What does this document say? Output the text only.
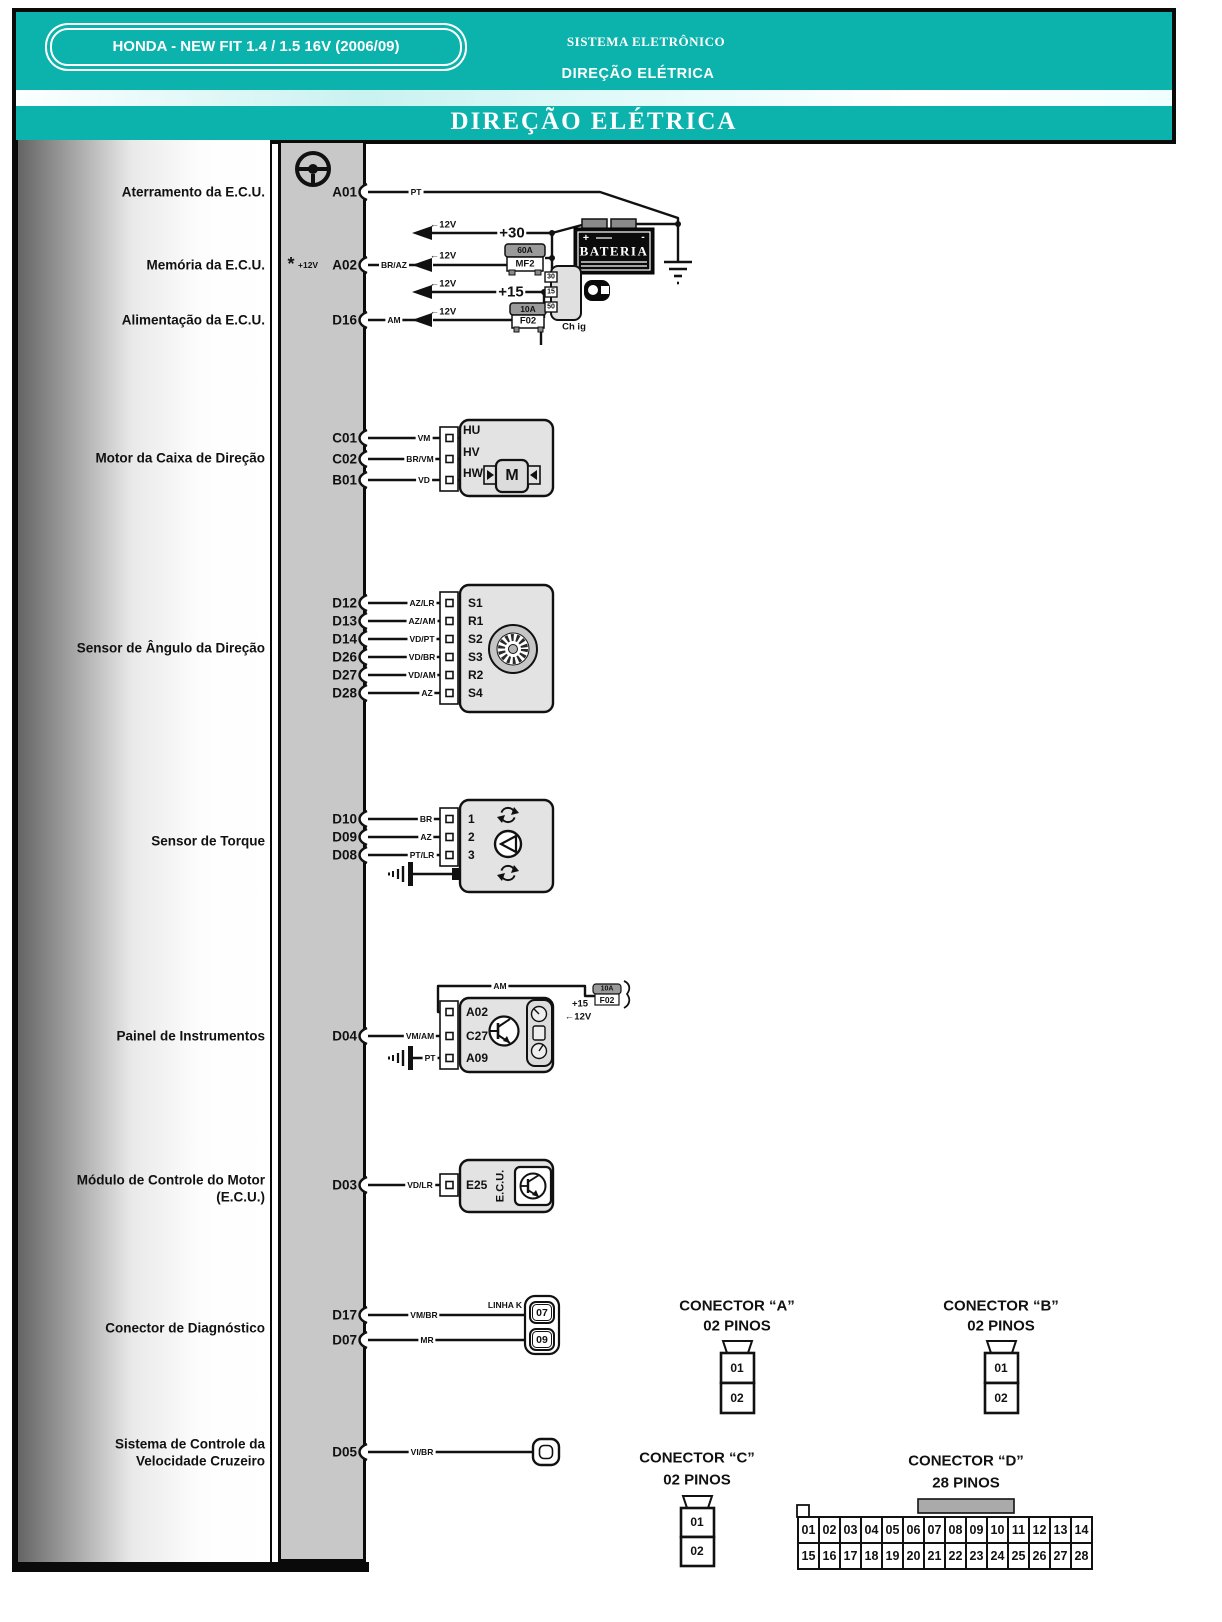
HONDA - NEW FIT 1.4 / 1.5 16V (2006/09)	SISTEMA ELETRÔNICO
DIREÇÃO ELÉTRICA
DIREÇÃO ELÉTRICA
Aterramento da E.C.U.
Memória da E.C.U.
Alimentação da E.C.U.
Motor da Caixa de Direção
Sensor de Ângulo da Direção
Sensor de Torque
Painel de Instrumentos
Módulo de Controle do Motor
(E.C.U.)
Conector de Diagnóstico
Sistema de Controle da
Velocidade Cruzeiro
A01
A02
D16
C01
C02
B01
D12
D13
D14
D26
D27
D28
D10
D09
D08
D04
D03
D17
D07
D05
* +12V
PT
BR/AZ
AM
VM
BR/VM
VD
AZ/LR
AZ/AM
VD/PT
VD/BR
VD/AM
AZ
BR
AZ
PT/LR
VM/AM
PT
AM
VD/LR
VM/BR
LINHA K
MR
VI/BR
←12V
←12V
←12V
←12V
+30
+15
60A
MF2
10A
F02
BATERIA
+	-
30
15
50
Ch ig
HU
HV
HW M
S1
R1
S2
S3
R2
S4
1
2
3
A02
C27
A09
+15
←12V
10A
F02
E25 E.C.U.
07
09
CONECTOR “A”
02 PINOS
01
02
CONECTOR “B”
02 PINOS
01
02
CONECTOR “C”
02 PINOS
01
02
CONECTOR “D”
28 PINOS
01 02 03 04 05 06 07 08 09 10 11 12 13 14
15 16 17 18 19 20 21 22 23 24 25 26 27 28
